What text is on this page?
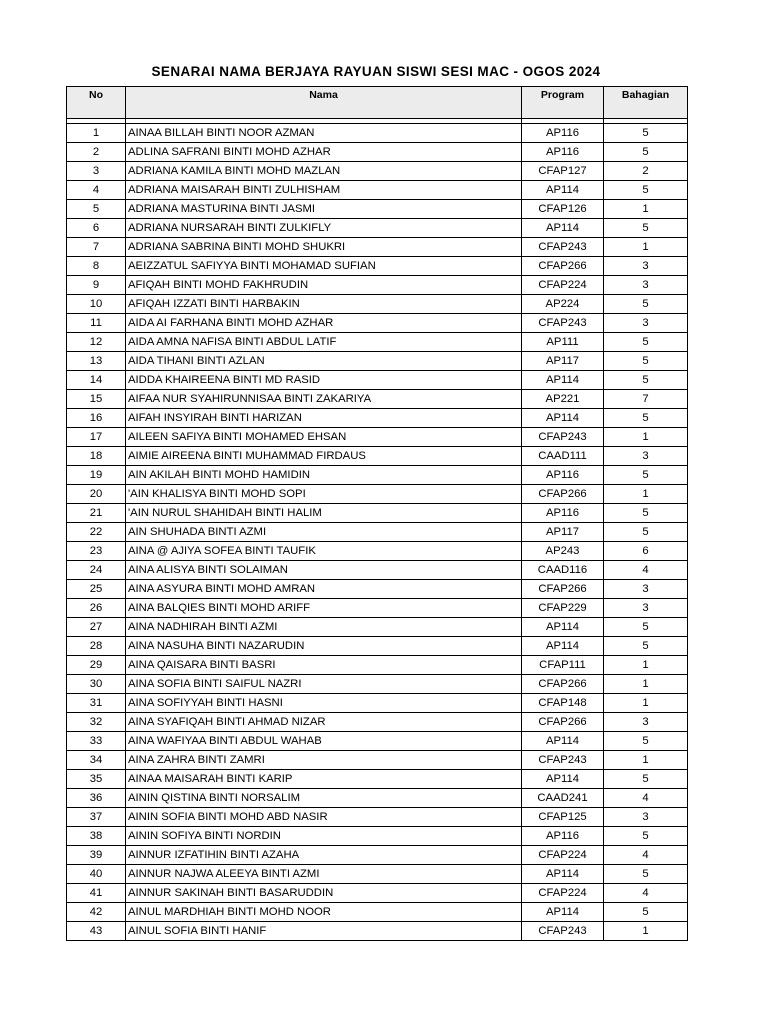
SENARAI NAMA BERJAYA RAYUAN SISWI SESI MAC - OGOS 2024
No	Nama	Program	Bahagian

1	AINAA BILLAH BINTI NOOR AZMAN	AP116	5
2	ADLINA SAFRANI BINTI MOHD AZHAR	AP116	5
3	ADRIANA KAMILA BINTI MOHD MAZLAN	CFAP127	2
4	ADRIANA MAISARAH BINTI ZULHISHAM	AP114	5
5	ADRIANA MASTURINA BINTI JASMI	CFAP126	1
6	ADRIANA NURSARAH BINTI ZULKIFLY	AP114	5
7	ADRIANA SABRINA BINTI MOHD SHUKRI	CFAP243	1
8	AEIZZATUL SAFIYYA BINTI MOHAMAD SUFIAN	CFAP266	3
9	AFIQAH BINTI MOHD FAKHRUDIN	CFAP224	3
10	AFIQAH IZZATI BINTI HARBAKIN	AP224	5
11	AIDA AI FARHANA BINTI MOHD AZHAR	CFAP243	3
12	AIDA AMNA NAFISA BINTI ABDUL LATIF	AP111	5
13	AIDA TIHANI BINTI AZLAN	AP117	5
14	AIDDA KHAIREENA BINTI MD RASID	AP114	5
15	AIFAA NUR SYAHIRUNNISAA BINTI ZAKARIYA	AP221	7
16	AIFAH INSYIRAH BINTI HARIZAN	AP114	5
17	AILEEN SAFIYA BINTI MOHAMED EHSAN	CFAP243	1
18	AIMIE AIREENA BINTI MUHAMMAD FIRDAUS	CAAD111	3
19	AIN AKILAH BINTI MOHD HAMIDIN	AP116	5
20	'AIN KHALISYA BINTI MOHD SOPI	CFAP266	1
21	'AIN NURUL SHAHIDAH BINTI HALIM	AP116	5
22	AIN SHUHADA BINTI AZMI	AP117	5
23	AINA @ AJIYA SOFEA BINTI TAUFIK	AP243	6
24	AINA ALISYA BINTI SOLAIMAN	CAAD116	4
25	AINA ASYURA BINTI MOHD AMRAN	CFAP266	3
26	AINA BALQIES BINTI MOHD ARIFF	CFAP229	3
27	AINA NADHIRAH BINTI AZMI	AP114	5
28	AINA NASUHA BINTI NAZARUDIN	AP114	5
29	AINA QAISARA BINTI BASRI	CFAP111	1
30	AINA SOFIA BINTI SAIFUL NAZRI	CFAP266	1
31	AINA SOFIYYAH BINTI HASNI	CFAP148	1
32	AINA SYAFIQAH BINTI AHMAD NIZAR	CFAP266	3
33	AINA WAFIYAA BINTI ABDUL WAHAB	AP114	5
34	AINA ZAHRA BINTI ZAMRI	CFAP243	1
35	AINAA MAISARAH BINTI KARIP	AP114	5
36	AININ QISTINA BINTI NORSALIM	CAAD241	4
37	AININ SOFIA BINTI MOHD ABD NASIR	CFAP125	3
38	AININ SOFIYA BINTI NORDIN	AP116	5
39	AINNUR IZFATIHIN BINTI AZAHA	CFAP224	4
40	AINNUR NAJWA ALEEYA BINTI AZMI	AP114	5
41	AINNUR SAKINAH BINTI BASARUDDIN	CFAP224	4
42	AINUL MARDHIAH BINTI MOHD NOOR	AP114	5
43	AINUL SOFIA BINTI HANIF	CFAP243	1
